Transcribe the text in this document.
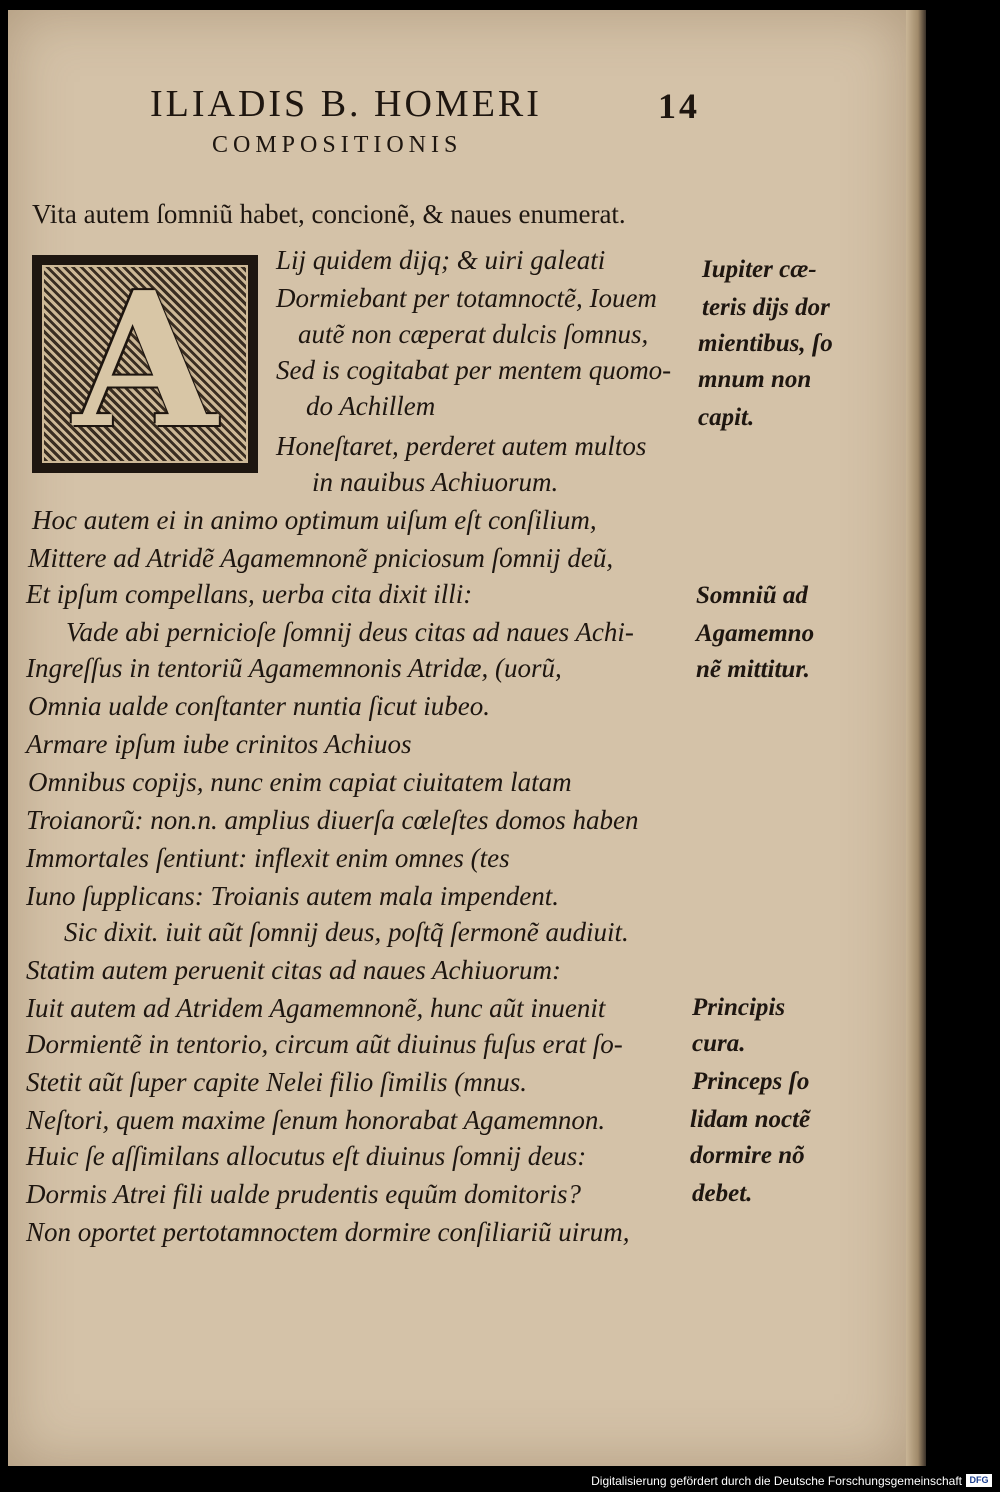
ILIADIS B. HOMERI	14
COMPOSITIONIS
Vita autem ſomniũ habet, concionẽ, & naues enumerat.
A	Lij quidem dijq; & uiri galeati
Dormiebant per totamnoctẽ, Iouem
autẽ non cæperat dulcis ſomnus,
Sed is cogitabat per mentem quomo-
do Achillem
Honeſtaret, perderet autem multos
in nauibus Achiuorum.
Hoc autem ei in animo optimum uiſum eſt conſilium,
Mittere ad Atridẽ Agamemnonẽ pniciosum ſomnij deũ,
Et ipſum compellans, uerba cita dixit illi:
Vade abi pernicioſe ſomnij deus citas ad naues Achi-
Ingreſſus in tentoriũ Agamemnonis Atridæ, (uorũ,
Omnia ualde conſtanter nuntia ſicut iubeo.
Armare ipſum iube crinitos Achiuos
Omnibus copijs, nunc enim capiat ciuitatem latam
Troianorũ: non.n. amplius diuerſa cœleſtes domos haben
Immortales ſentiunt: inflexit enim omnes (tes
Iuno ſupplicans: Troianis autem mala impendent.
Sic dixit. iuit aũt ſomnij deus, poſtq̃ ſermonẽ audiuit.
Statim autem peruenit citas ad naues Achiuorum:
Iuit autem ad Atridem Agamemnonẽ, hunc aũt inuenit
Dormientẽ in tentorio, circum aũt diuinus fuſus erat ſo-
Stetit aũt ſuper capite Nelei filio ſimilis (mnus.
Neſtori, quem maxime ſenum honorabat Agamemnon.
Huic ſe aſſimilans allocutus eſt diuinus ſomnij deus:
Dormis Atrei fili ualde prudentis equũm domitoris?
Non oportet pertotamnoctem dormire conſiliariũ uirum,
Iupiter cæ-
teris dijs dor
mientibus, ſo
mnum non
capit.
Somniũ ad
Agamemno
nẽ mittitur.
Principis
cura.
Princeps ſo
lidam noctẽ
dormire nõ
debet.
Digitalisierung gefördert durch die Deutsche Forschungsgemeinschaft DFG
